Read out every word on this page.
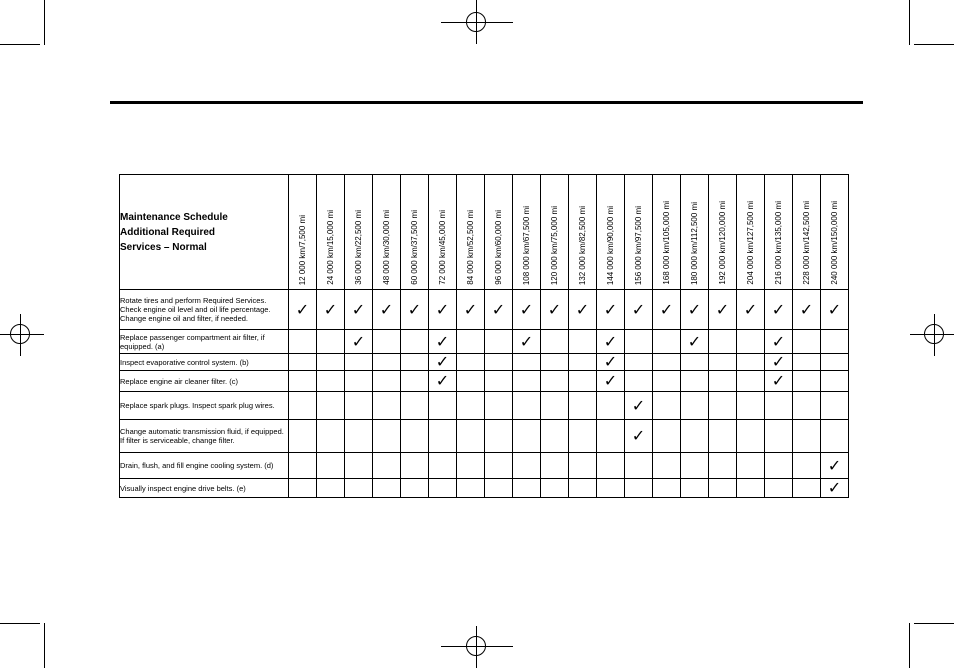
Maintenance Schedule
Additional Required
Services – Normal	12 000 km/7,500 mi	24 000 km/15,000 mi	36 000 km/22,500 mi	48 000 km/30,000 mi	60 000 km/37,500 mi	72 000 km/45,000 mi	84 000 km/52,500 mi	96 000 km/60,000 mi	108 000 km/67,500 mi	120 000 km/75,000 mi	132 000 km/82,500 mi	144 000 km/90,000 mi	156 000 km/97,500 mi	168 000 km/105,000 mi	180 000 km/112,500 mi	192 000 km/120,000 mi	204 000 km/127,500 mi	216 000 km/135,000 mi	228 000 km/142,500 mi	240 000 km/150,000 mi

Rotate tires and perform Required Services. Check engine oil level and oil life percentage. Change engine oil and filter, if needed.	✓	✓	✓	✓	✓	✓	✓	✓	✓	✓	✓	✓	✓	✓	✓	✓	✓	✓	✓	✓
Replace passenger compartment air filter, if equipped. (a)			✓			✓			✓			✓			✓			✓		
Inspect evaporative control system. (b)						✓						✓						✓		
Replace engine air cleaner filter. (c)						✓						✓						✓		
Replace spark plugs. Inspect spark plug wires.													✓							
Change automatic transmission fluid, if equipped. If filter is serviceable, change filter.													✓							
Drain, flush, and fill engine cooling system. (d)																				✓
Visually inspect engine drive belts. (e)																				✓
